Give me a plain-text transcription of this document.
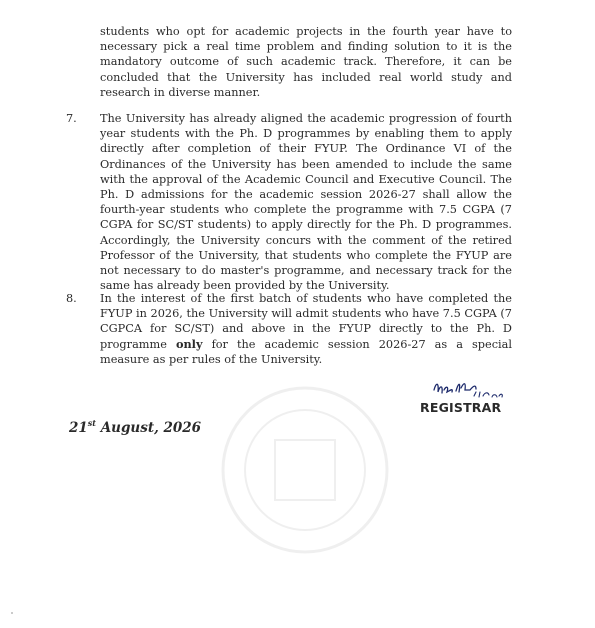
students who opt for academic projects in the fourth year have to necessary pick a real time problem and finding solution to it is the mandatory outcome of such academic track. Therefore, it can be concluded that the University has included real world study and research in diverse manner.

7. The University has already aligned the academic progression of fourth year students with the Ph. D programmes by enabling them to apply directly after completion of their FYUP. The Ordinance VI of the Ordinances of the University has been amended to include the same with the approval of the Academic Council and Executive Council. The Ph. D admissions for the academic session 2026-27 shall allow the fourth-year students who complete the programme with 7.5 CGPA (7 CGPA for SC/ST students) to apply directly for the Ph. D programmes. Accordingly, the University concurs with the comment of the retired Professor of the University, that students who complete the FYUP are not necessary to do master's programme, and necessary track for the same has already been provided by the University.

8. In the interest of the first batch of students who have completed the FYUP in 2026, the University will admit students who have 7.5 CGPA (7 CGPCA for SC/ST) and above in the FYUP directly to the Ph. D programme only for the academic session 2026-27 as a special measure as per rules of the University.

REGISTRAR
21st August, 2026
